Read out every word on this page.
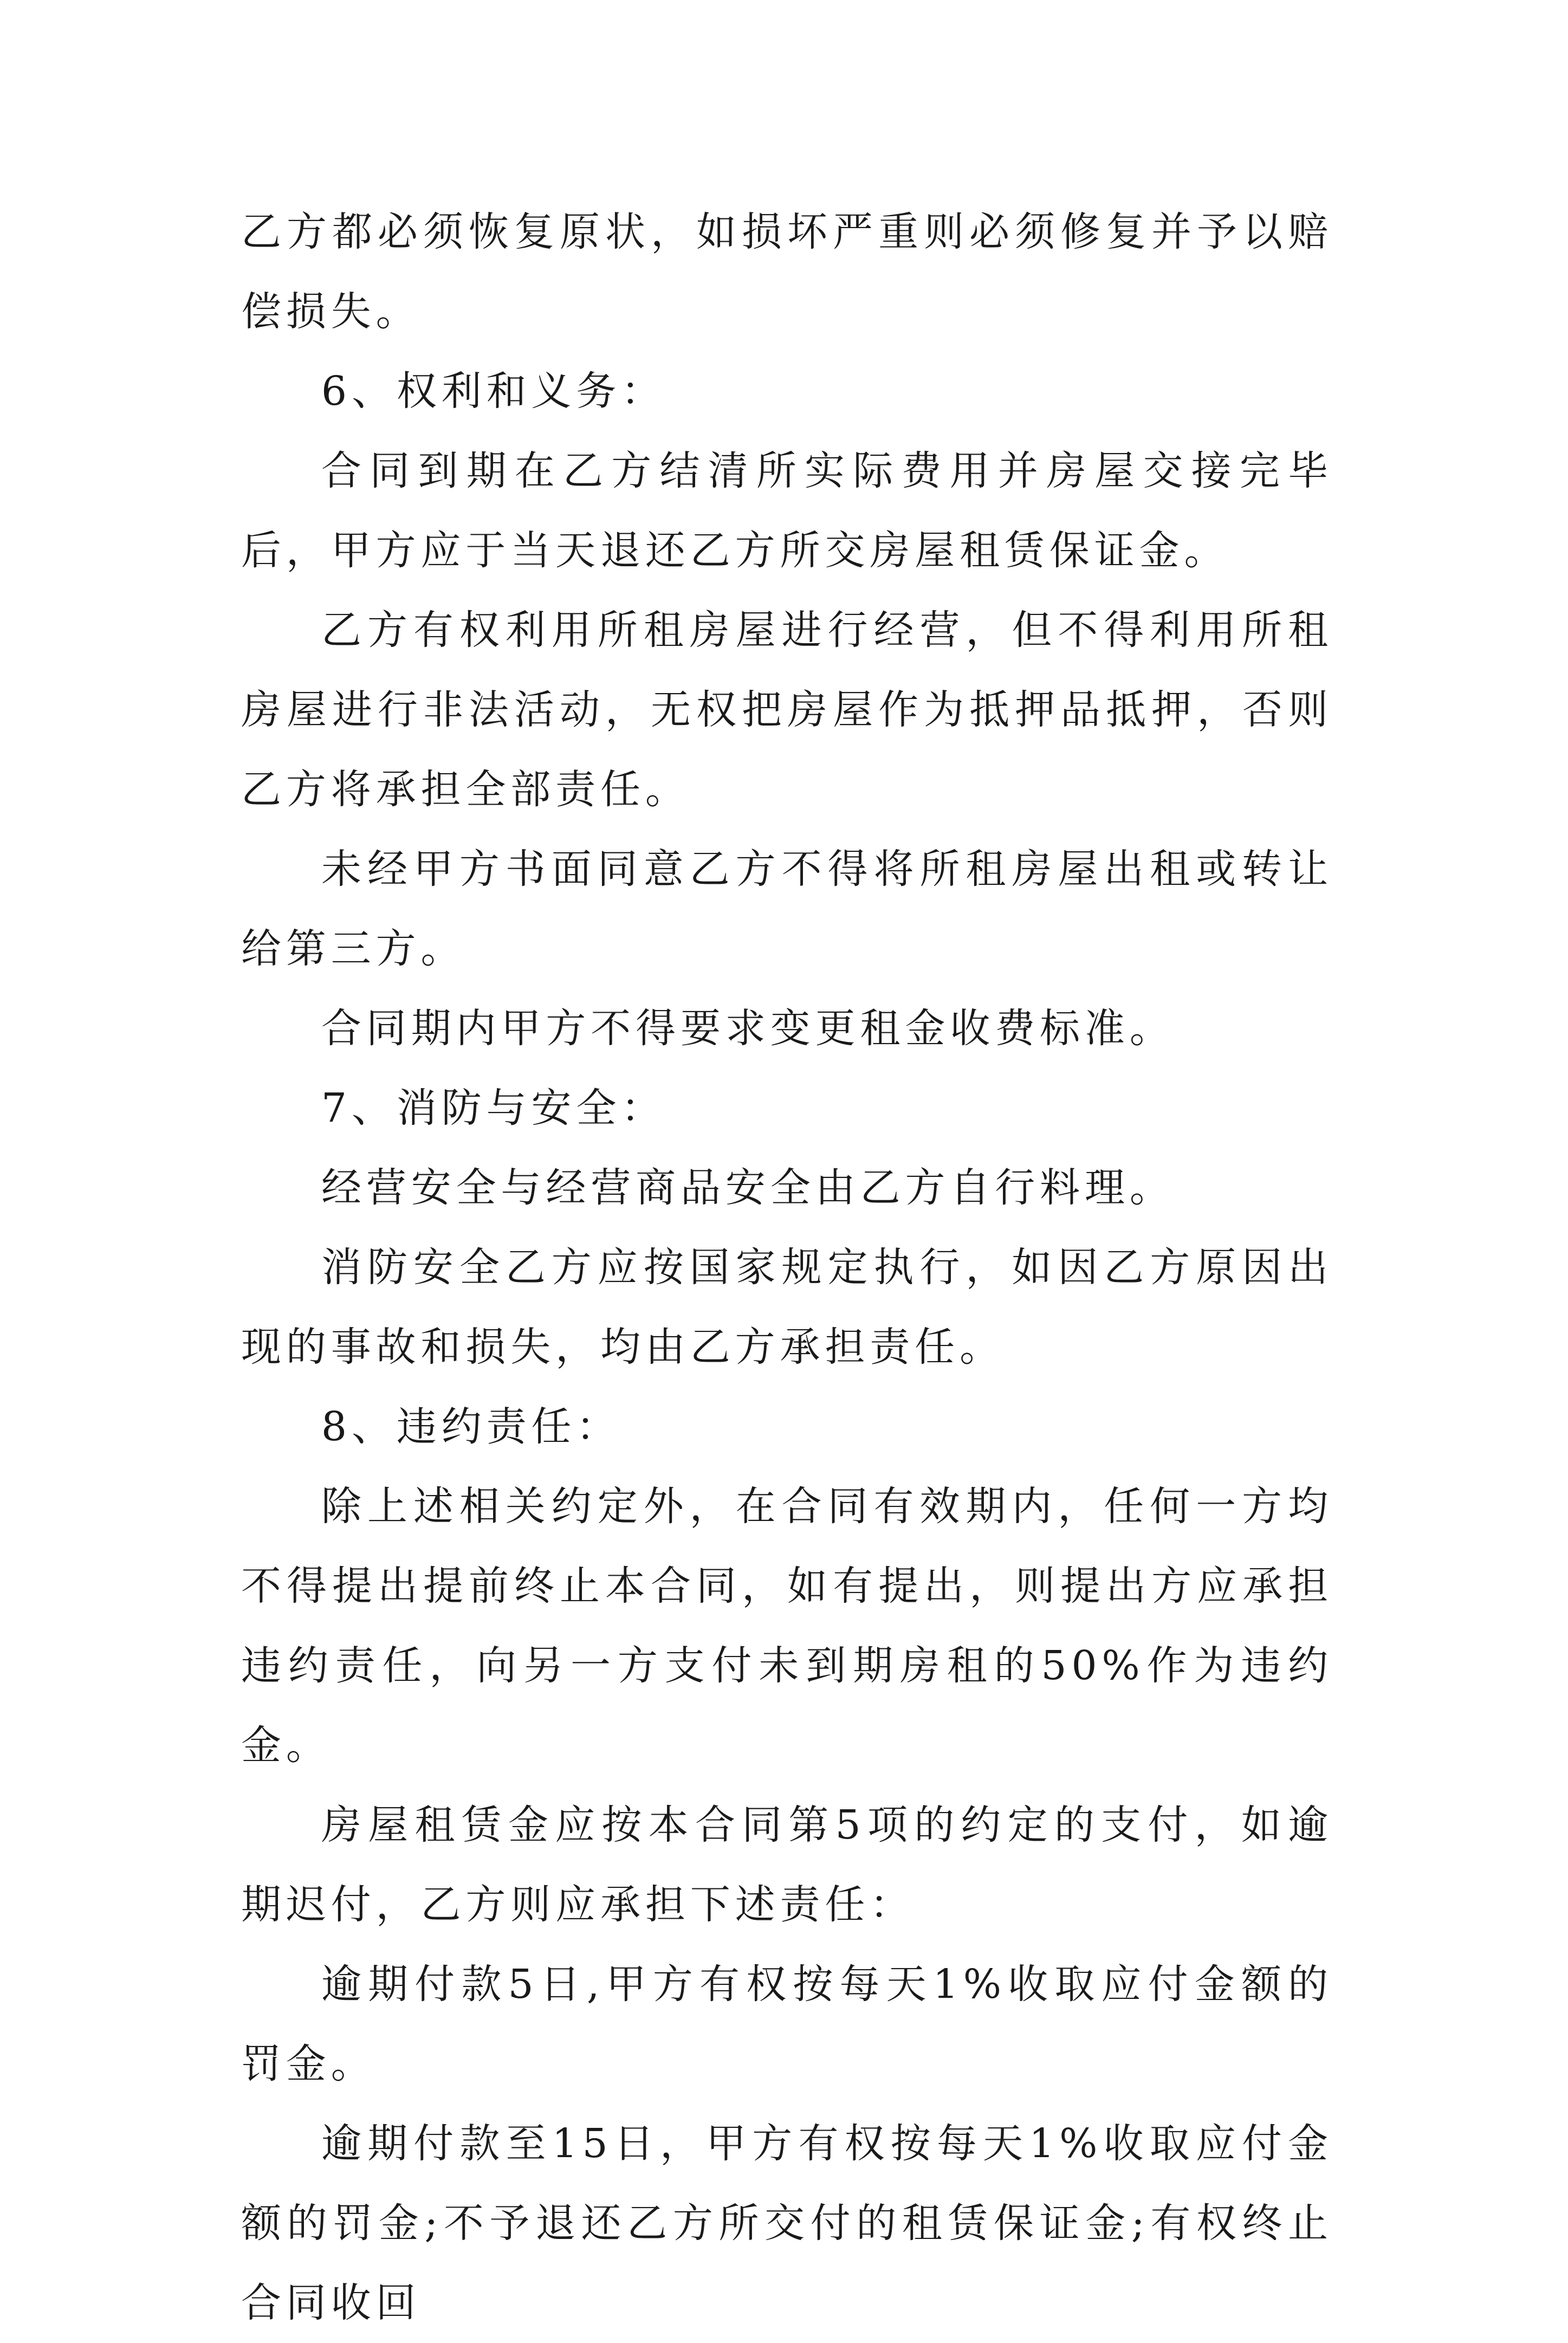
乙方都必须恢复原状，如损坏严重则必须修复并予以赔偿损失。

6、权利和义务：

合同到期在乙方结清所实际费用并房屋交接完毕后，甲方应于当天退还乙方所交房屋租赁保证金。

乙方有权利用所租房屋进行经营，但不得利用所租房屋进行非法活动，无权把房屋作为抵押品抵押，否则乙方将承担全部责任。

未经甲方书面同意乙方不得将所租房屋出租或转让给第三方。

合同期内甲方不得要求变更租金收费标准。

7、消防与安全：

经营安全与经营商品安全由乙方自行料理。

消防安全乙方应按国家规定执行，如因乙方原因出现的事故和损失，均由乙方承担责任。

8、违约责任：

除上述相关约定外，在合同有效期内，任何一方均不得提出提前终止本合同，如有提出，则提出方应承担违约责任，向另一方支付未到期房租的50%作为违约金。

房屋租赁金应按本合同第5项的约定的支付，如逾期迟付，乙方则应承担下述责任：

逾期付款5日,甲方有权按每天1%收取应付金额的罚金。

逾期付款至15日，甲方有权按每天1%收取应付金额的罚金;不予退还乙方所交付的租赁保证金;有权终止合同收回
